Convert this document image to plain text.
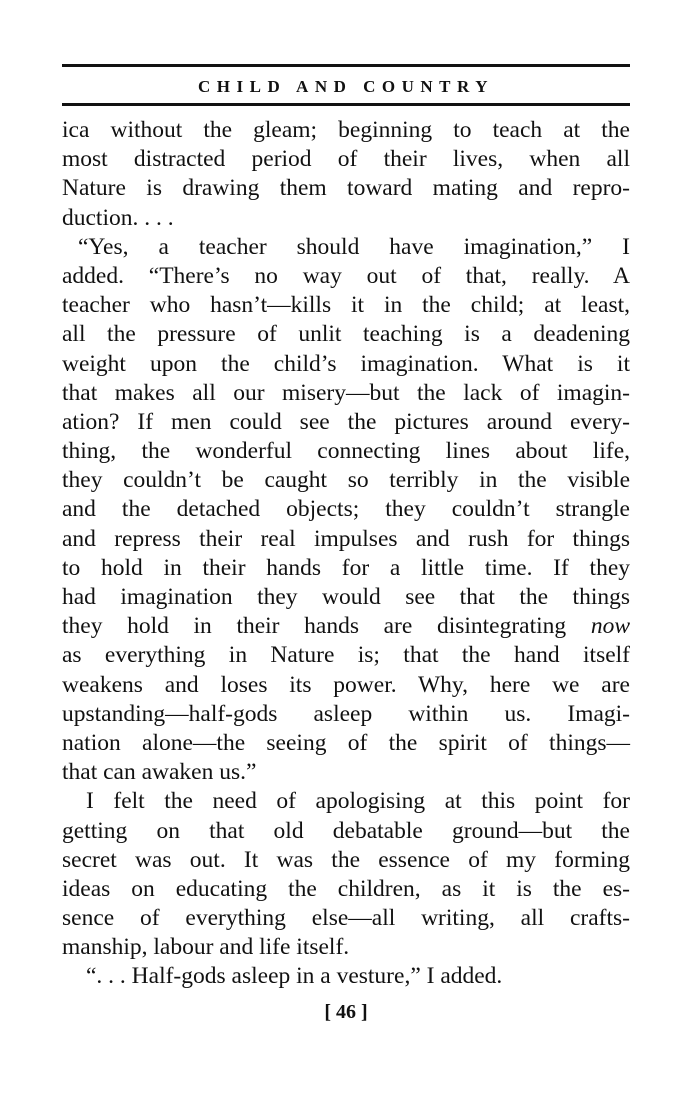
CHILD AND COUNTRY
ica without the gleam; beginning to teach at the
most distracted period of their lives, when all
Nature is drawing them toward mating and repro-
duction. . . .
“Yes, a teacher should have imagination,” I
added. “There’s no way out of that, really. A
teacher who hasn’t—kills it in the child; at least,
all the pressure of unlit teaching is a deadening
weight upon the child’s imagination. What is it
that makes all our misery—but the lack of imagin-
ation? If men could see the pictures around every-
thing, the wonderful connecting lines about life,
they couldn’t be caught so terribly in the visible
and the detached objects; they couldn’t strangle
and repress their real impulses and rush for things
to hold in their hands for a little time. If they
had imagination they would see that the things
they hold in their hands are disintegrating now
as everything in Nature is; that the hand itself
weakens and loses its power. Why, here we are
upstanding—half-gods asleep within us. Imagi-
nation alone—the seeing of the spirit of things—
that can awaken us.”
I felt the need of apologising at this point for
getting on that old debatable ground—but the
secret was out. It was the essence of my forming
ideas on educating the children, as it is the es-
sence of everything else—all writing, all crafts-
manship, labour and life itself.
“. . . Half-gods asleep in a vesture,” I added.
[ 46 ]
